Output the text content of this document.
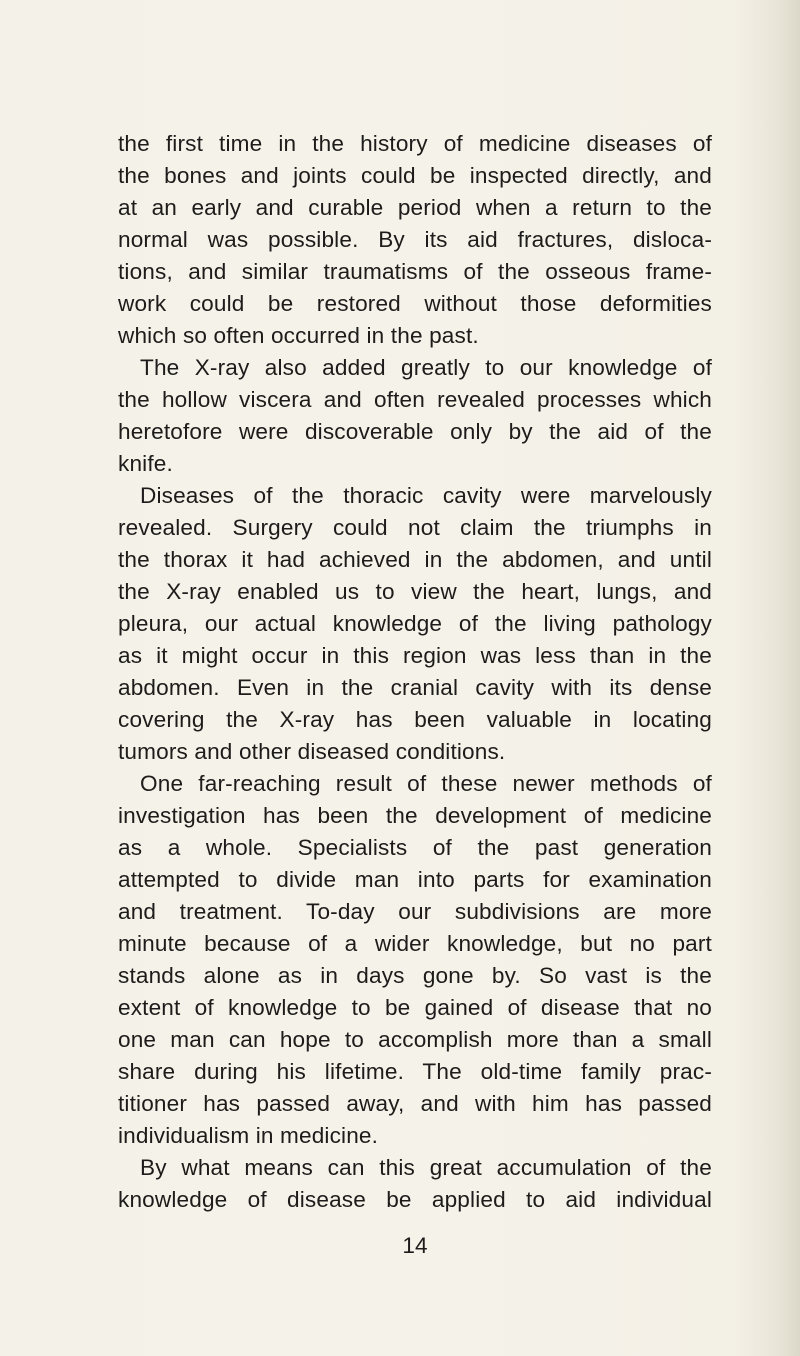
the first time in the history of medicine diseases of
the bones and joints could be inspected directly, and
at an early and curable period when a return to the
normal was possible. By its aid fractures, disloca-
tions, and similar traumatisms of the osseous frame-
work could be restored without those deformities
which so often occurred in the past.
The X-ray also added greatly to our knowledge of
the hollow viscera and often revealed processes which
heretofore were discoverable only by the aid of the
knife.
Diseases of the thoracic cavity were marvelously
revealed. Surgery could not claim the triumphs in
the thorax it had achieved in the abdomen, and until
the X-ray enabled us to view the heart, lungs, and
pleura, our actual knowledge of the living pathology
as it might occur in this region was less than in the
abdomen. Even in the cranial cavity with its dense
covering the X-ray has been valuable in locating
tumors and other diseased conditions.
One far-reaching result of these newer methods of
investigation has been the development of medicine
as a whole. Specialists of the past generation
attempted to divide man into parts for examination
and treatment. To-day our subdivisions are more
minute because of a wider knowledge, but no part
stands alone as in days gone by. So vast is the
extent of knowledge to be gained of disease that no
one man can hope to accomplish more than a small
share during his lifetime. The old-time family prac-
titioner has passed away, and with him has passed
individualism in medicine.
By what means can this great accumulation of the
knowledge of disease be applied to aid individual
14
